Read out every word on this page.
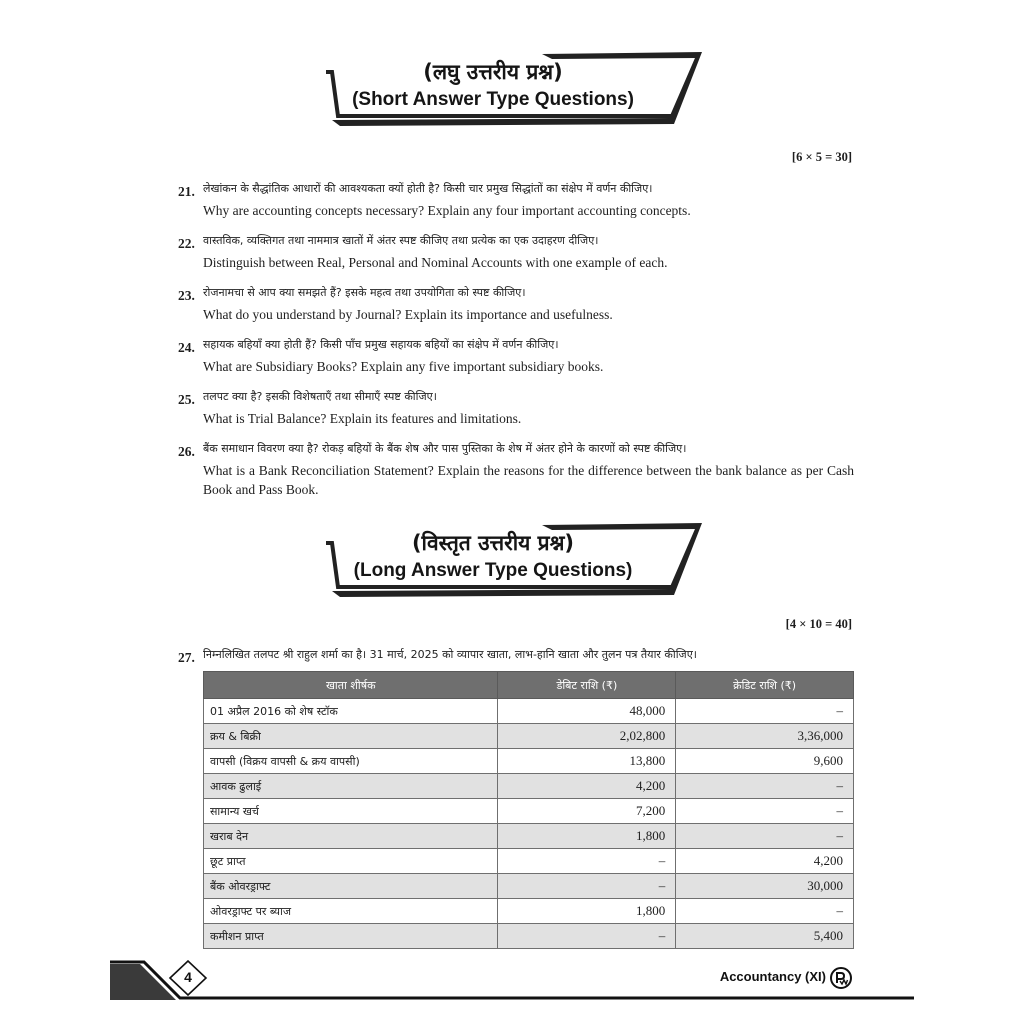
(लघु उत्तरीय प्रश्न)
(Short Answer Type Questions)
[6 × 5 = 30]
21. लेखांकन के सैद्धांतिक आधारों की आवश्यकता क्यों होती है? किसी चार प्रमुख सिद्धांतों का संक्षेप में वर्णन कीजिए।
Why are accounting concepts necessary? Explain any four important accounting concepts.
22. वास्तविक, व्यक्तिगत तथा नाममात्र खातों में अंतर स्पष्ट कीजिए तथा प्रत्येक का एक उदाहरण दीजिए।
Distinguish between Real, Personal and Nominal Accounts with one example of each.
23. रोजनामचा से आप क्या समझते हैं? इसके महत्व तथा उपयोगिता को स्पष्ट कीजिए।
What do you understand by Journal? Explain its importance and usefulness.
24. सहायक बहियाँ क्या होती हैं? किसी पाँच प्रमुख सहायक बहियों का संक्षेप में वर्णन कीजिए।
What are Subsidiary Books? Explain any five important subsidiary books.
25. तलपट क्या है? इसकी विशेषताएँ तथा सीमाएँ स्पष्ट कीजिए।
What is Trial Balance? Explain its features and limitations.
26. बैंक समाधान विवरण क्या है? रोकड़ बहियों के बैंक शेष और पास पुस्तिका के शेष में अंतर होने के कारणों को स्पष्ट कीजिए।
What is a Bank Reconciliation Statement? Explain the reasons for the difference between the bank balance as per Cash Book and Pass Book.
(विस्तृत उत्तरीय प्रश्न)
(Long Answer Type Questions)
[4 × 10 = 40]
27. निम्नलिखित तलपट श्री राहुल शर्मा का है। 31 मार्च, 2025 को व्यापार खाता, लाभ-हानि खाता और तुलन पत्र तैयार कीजिए।
खाता शीर्षक	डेबिट राशि (₹)	क्रेडिट राशि (₹)
01 अप्रैल 2016 को शेष स्टॉक	48,000	–
क्रय & बिक्री	2,02,800	3,36,000
वापसी (विक्रय वापसी & क्रय वापसी)	13,800	9,600
आवक ढुलाई	4,200	–
सामान्य खर्च	7,200	–
खराब देन	1,800	–
छूट प्राप्त	–	4,200
बैंक ओवरड्राफ्ट	–	30,000
ओवरड्राफ्ट पर ब्याज	1,800	–
कमीशन प्राप्त	–	5,400
4	Accountancy (XI)
